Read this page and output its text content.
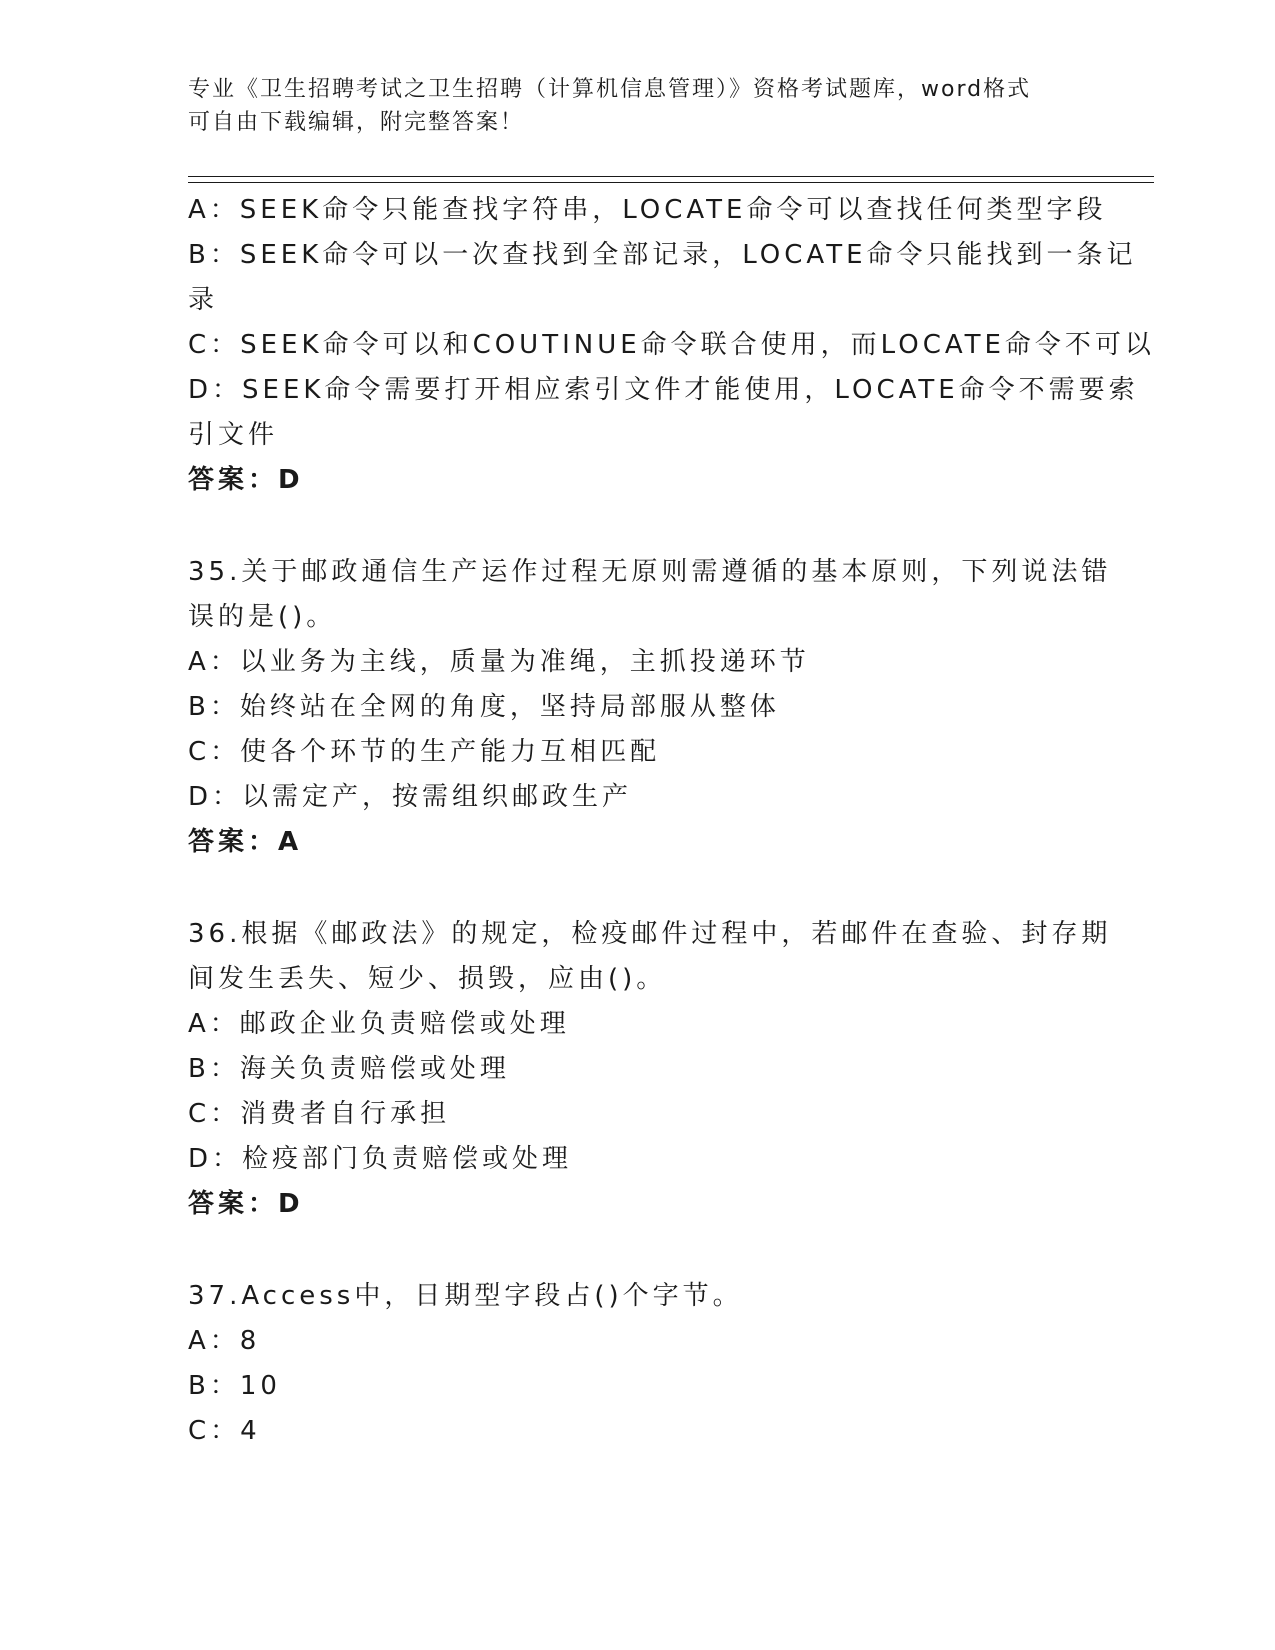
专业《卫生招聘考试之卫生招聘（计算机信息管理）》资格考试题库，word格式
可自由下载编辑，附完整答案！
A：SEEK命令只能查找字符串，LOCATE命令可以查找任何类型字段
B：SEEK命令可以一次查找到全部记录，LOCATE命令只能找到一条记
录
C：SEEK命令可以和COUTINUE命令联合使用，而LOCATE命令不可以
D：SEEK命令需要打开相应索引文件才能使用，LOCATE命令不需要索
引文件
答案：D
35.关于邮政通信生产运作过程无原则需遵循的基本原则，下列说法错
误的是()。
A：以业务为主线，质量为准绳，主抓投递环节
B：始终站在全网的角度，坚持局部服从整体
C：使各个环节的生产能力互相匹配
D：以需定产，按需组织邮政生产
答案：A
36.根据《邮政法》的规定，检疫邮件过程中，若邮件在查验、封存期
间发生丢失、短少、损毁，应由()。
A：邮政企业负责赔偿或处理
B：海关负责赔偿或处理
C：消费者自行承担
D：检疫部门负责赔偿或处理
答案：D
37.Access中，日期型字段占()个字节。
A：8
B：10
C：4
